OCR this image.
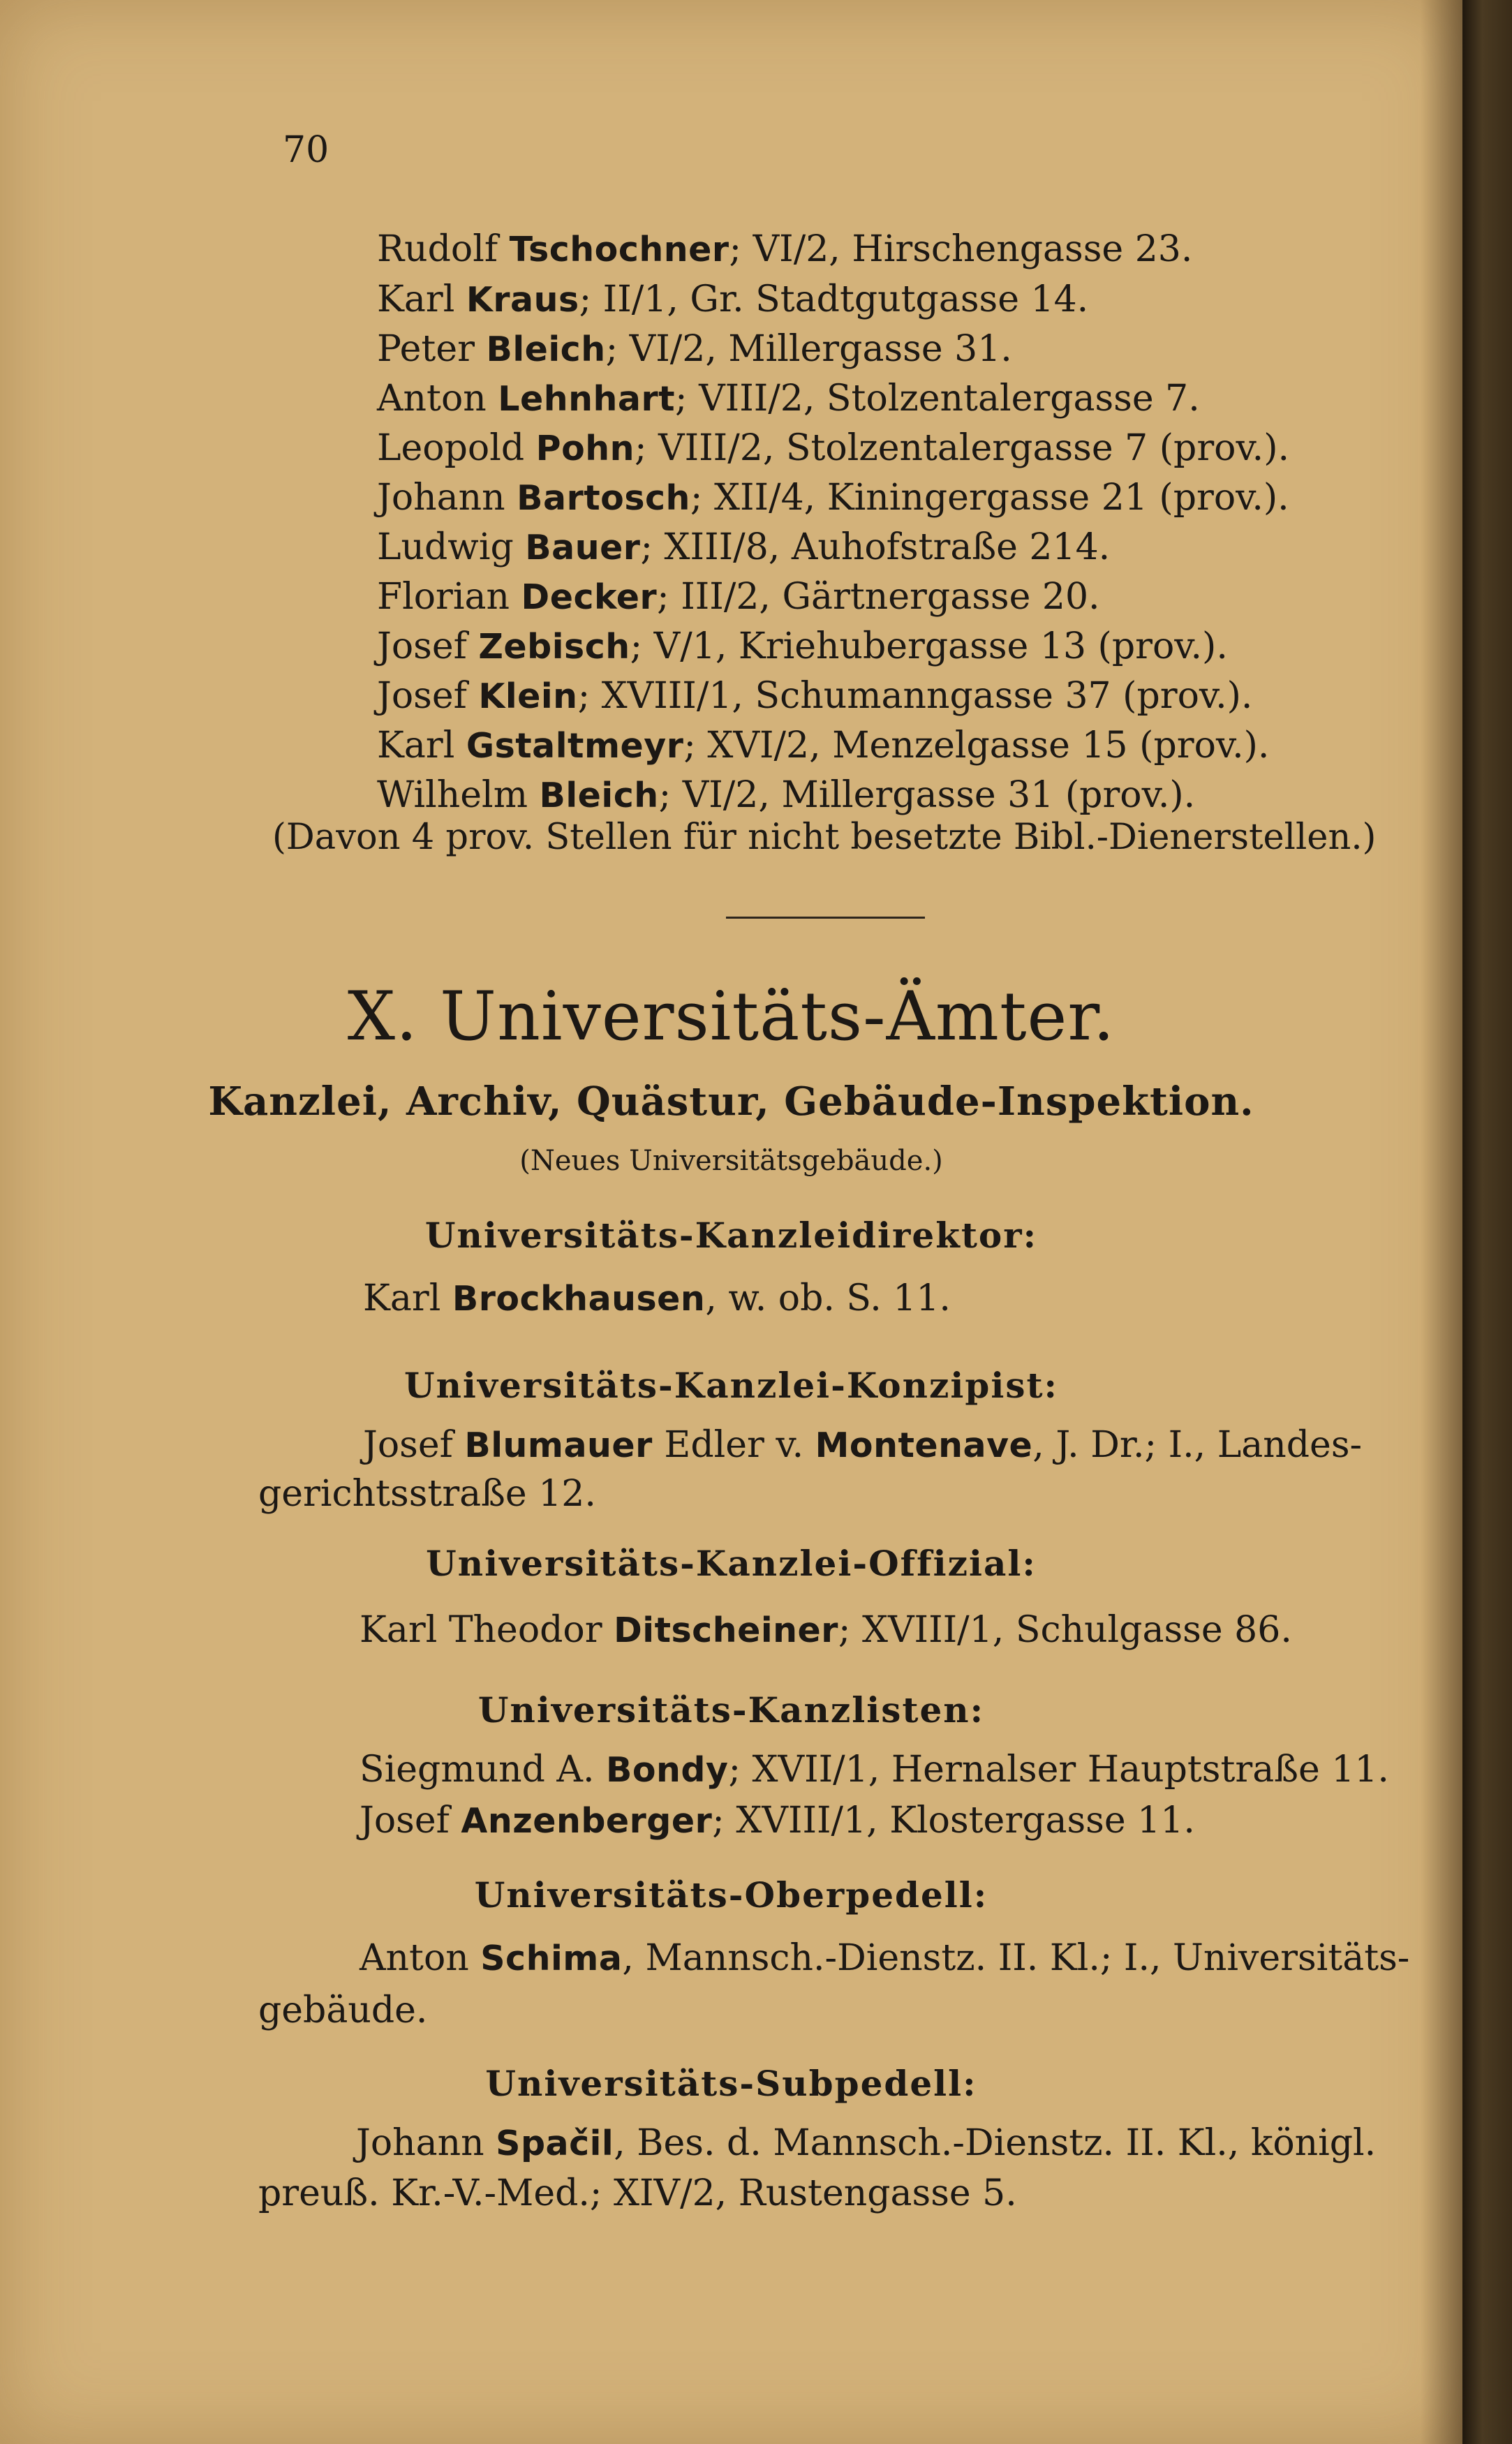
70
Rudolf Tschochner; VI/2, Hirschengasse 23.
Karl Kraus; II/1, Gr. Stadtgutgasse 14.
Peter Bleich; VI/2, Millergasse 31.
Anton Lehnhart; VIII/2, Stolzentalergasse 7.
Leopold Pohn; VIII/2, Stolzentalergasse 7 (prov.).
Johann Bartosch; XII/4, Kiningergasse 21 (prov.).
Ludwig Bauer; XIII/8, Auhofstraße 214.
Florian Decker; III/2, Gärtnergasse 20.
Josef Zebisch; V/1, Kriehubergasse 13 (prov.).
Josef Klein; XVIII/1, Schumanngasse 37 (prov.).
Karl Gstaltmeyr; XVI/2, Menzelgasse 15 (prov.).
Wilhelm Bleich; VI/2, Millergasse 31 (prov.).
(Davon 4 prov. Stellen für nicht besetzte Bibl.-Dienerstellen.)
X. Universitäts-Ämter.
Kanzlei, Archiv, Quästur, Gebäude-Inspektion.
(Neues Universitätsgebäude.)
Universitäts-Kanzleidirektor:
Karl Brockhausen, w. ob. S. 11.
Universitäts-Kanzlei-Konzipist:
Josef Blumauer Edler v. Montenave, J. Dr.; I., Landes-
gerichtsstraße 12.
Universitäts-Kanzlei-Offizial:
Karl Theodor Ditscheiner; XVIII/1, Schulgasse 86.
Universitäts-Kanzlisten:
Siegmund A. Bondy; XVII/1, Hernalser Hauptstraße 11.
Josef Anzenberger; XVIII/1, Klostergasse 11.
Universitäts-Oberpedell:
Anton Schima, Mannsch.-Dienstz. II. Kl.; I., Universitäts-
gebäude.
Universitäts-Subpedell:
Johann Spačil, Bes. d. Mannsch.-Dienstz. II. Kl., königl.
preuß. Kr.-V.-Med.; XIV/2, Rustengasse 5.
